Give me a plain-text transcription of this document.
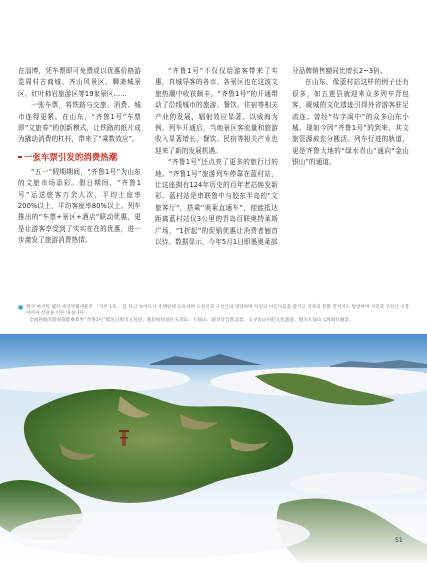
在淄博，凭车票即可免费或以优惠价格游览周村古商城、齐山风景区、聊斋城景区、红叶柿岩旅游区等19家景区……

一张车票，将铁路与交旅、消费、城市连得更紧。在山东，“齐鲁1号”车票即“文旅券”的创新模式，让铁路的纸片成为撬动消费的杠杆，带来了“乘数效应”。

一张车票引发的消费热潮

“五一”假期期间，“齐鲁1号”为山东的文旅市场添彩。假日期间，“齐鲁1号”运送旅客万余人次，平均上座率200%以上，平均客座率80%以上。列车推出的“车票+景区+酒店”联动优惠，更是让游客享受到了实实在在的优惠，进一步激发了旅游消费热情。

“齐鲁1号”不仅仅给游客带来了实惠，真城导客的各市、各景区也在这波文旅热潮中收获颇丰。“齐鲁1号”的开通带动了沿线城市的旅游、餐饮、住宿等相关产业的发展，辐射效应显著。以威海为例，列车开通后，当地景区客流量和旅游收入显著增长，餐饮、民宿等相关产业也迎来了新的发展机遇。

“齐鲁1号”还点亮了更多的旅行目的地。“齐鲁1号”旅游列车停靠在蓝村站，让这座拥有124年历史的百年老站焕发新彩。蓝村站是串联鲁中与胶东半岛的“文旅客厅”，搭乘“奥莱直通车”，便能抵达距离蓝村站仅3公里的青岛百联奥特莱斯广场，“1折起”的促销优惠让消费者翘首以待。数据显示，今年5月1日即墨奥莱部

分品牌销售额同比增长2~3倍。

在山东，像蓝村站这样的例子还有很多，如五莲县就迎来众多列车背包客，琥城的文化遗迹引得外省游客驻足流连。曾经“待字闺中”的众多山东小城，现如今因“齐鲁1号”的到来，其文旅资源被充分搬活。列车行进的轨道，更是齐鲁大地的“绿水青山”通向“金山银山”的通道。

● 한국 마지막 웰치 세상약웰세물주 「지루 1호」 를 타고 보아오시 주랜한택 도록하며 오른선과 구선산의 명랑하며 자연의 아름다움을 즐기고 선축의 문화 전적지도 탐방하며 사진과 구선산 구봉아아자 산관을 이른 내실니다.
全国各地的游客都能乘着坐“齐鲁1号”抵达日照市五莲县，他们纷纷前往五莲山、九仙山，观享受自然美景，又寻访山中的文化遗迹。图为九仙山云海间壮丽景。
51
